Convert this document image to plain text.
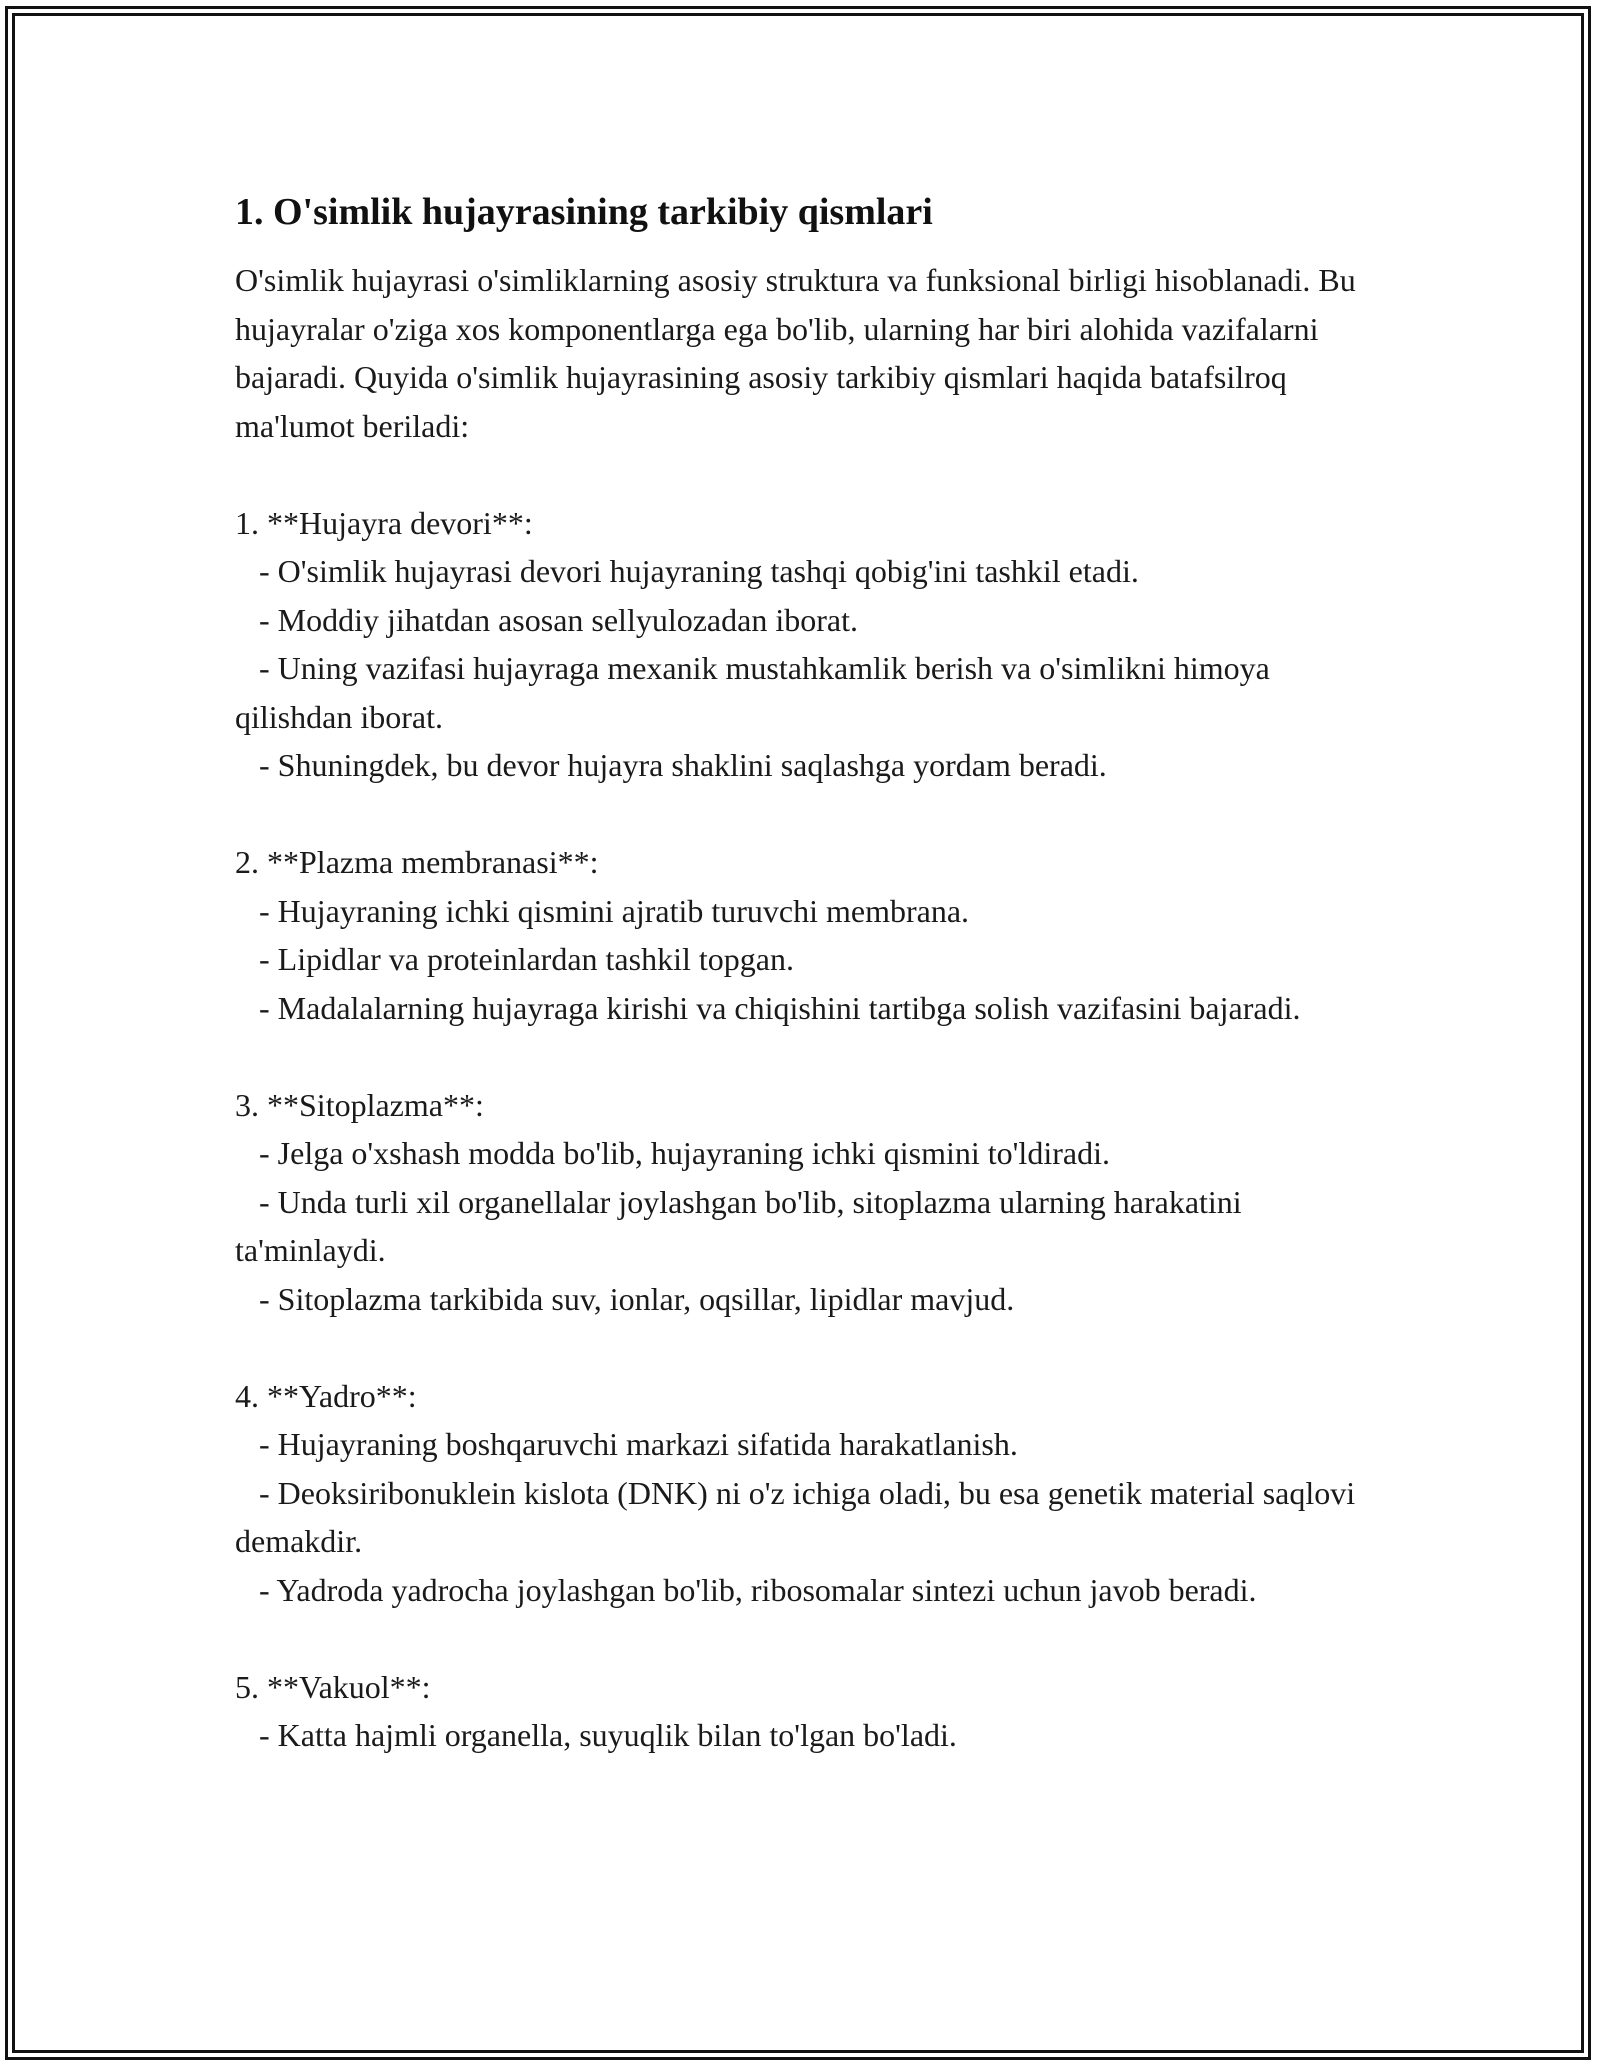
1. O'simlik hujayrasining tarkibiy qismlari

O'simlik hujayrasi o'simliklarning asosiy struktura va funksional birligi hisoblanadi. Bu hujayralar o'ziga xos komponentlarga ega bo'lib, ularning har biri alohida vazifalarni bajaradi. Quyida o'simlik hujayrasining asosiy tarkibiy qismlari haqida batafsilroq ma'lumot beriladi:

1. **Hujayra devori**:

- O'simlik hujayrasi devori hujayraning tashqi qobig'ini tashkil etadi.

- Moddiy jihatdan asosan sellyulozadan iborat.

- Uning vazifasi hujayraga mexanik mustahkamlik berish va o'simlikni himoya qilishdan iborat.

- Shuningdek, bu devor hujayra shaklini saqlashga yordam beradi.

2. **Plazma membranasi**:

- Hujayraning ichki qismini ajratib turuvchi membrana.

- Lipidlar va proteinlardan tashkil topgan.

- Madalalarning hujayraga kirishi va chiqishini tartibga solish vazifasini bajaradi.

3. **Sitoplazma**:

- Jelga o'xshash modda bo'lib, hujayraning ichki qismini to'ldiradi.

- Unda turli xil organellalar joylashgan bo'lib, sitoplazma ularning harakatini ta'minlaydi.

- Sitoplazma tarkibida suv, ionlar, oqsillar, lipidlar mavjud.

4. **Yadro**:

- Hujayraning boshqaruvchi markazi sifatida harakatlanish.

- Deoksiribonuklein kislota (DNK) ni o'z ichiga oladi, bu esa genetik material saqlovi demakdir.

- Yadroda yadrocha joylashgan bo'lib, ribosomalar sintezi uchun javob beradi.

5. **Vakuol**:

- Katta hajmli organella, suyuqlik bilan to'lgan bo'ladi.
